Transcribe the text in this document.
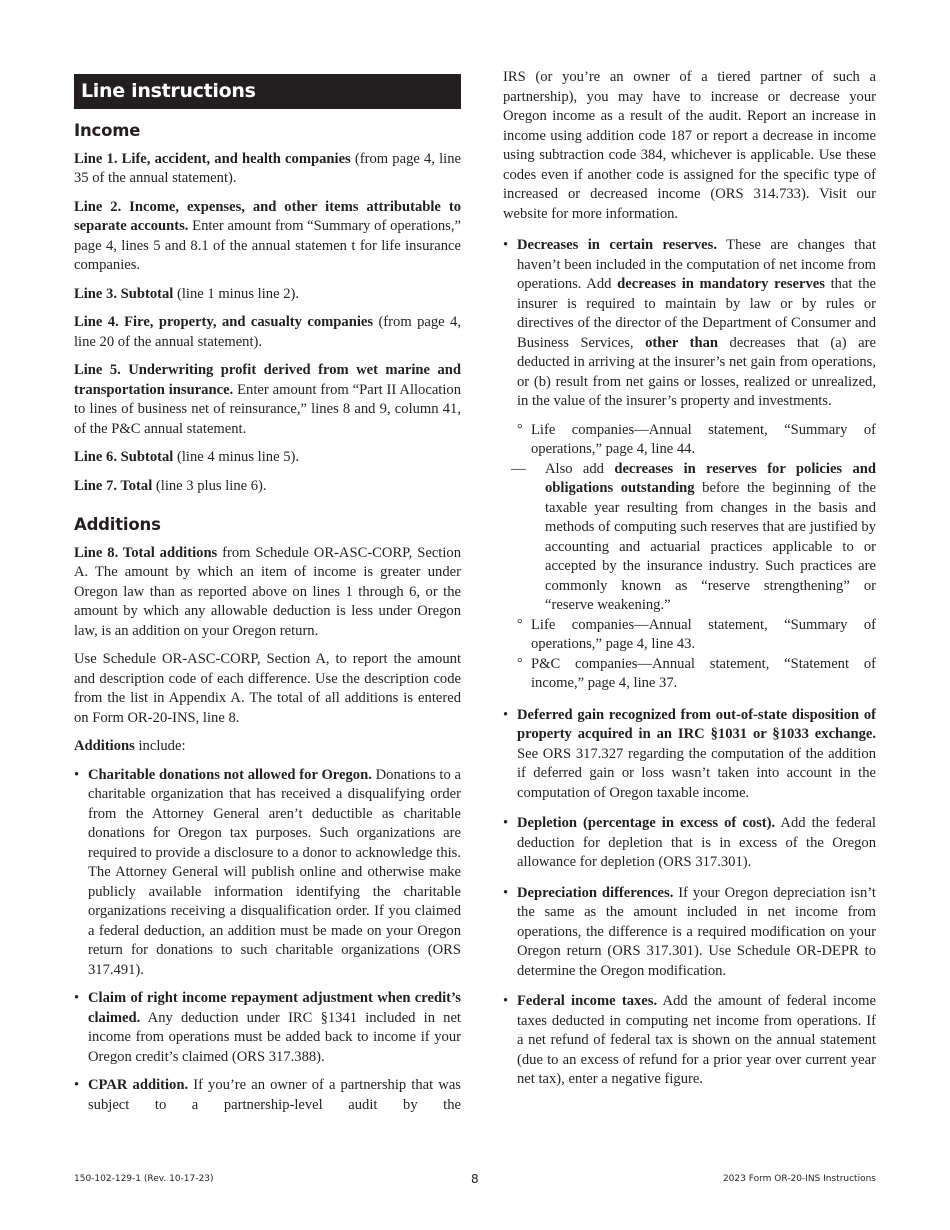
Line instructions
Income

Line 1. Life, accident, and health companies (from page 4, line 35 of the annual statement).

Line 2. Income, expenses, and other items attributable to separate accounts. Enter amount from “Summary of operations,” page 4, lines 5 and 8.1 of the annual statemen t for life insurance companies.

Line 3. Subtotal (line 1 minus line 2).

Line 4. Fire, property, and casualty companies (from page 4, line 20 of the annual statement).

Line 5. Underwriting profit derived from wet marine and transportation insurance. Enter amount from “Part II Allocation to lines of business net of reinsurance,” lines 8 and 9, column 41, of the P&C annual statement.

Line 6. Subtotal (line 4 minus line 5).

Line 7. Total (line 3 plus line 6).

Additions

Line 8. Total additions from Schedule OR-ASC-CORP, Section A. The amount by which an item of income is greater under Oregon law than as reported above on lines 1 through 6, or the amount by which any allowable deduction is less under Oregon law, is an addition on your Oregon return.

Use Schedule OR-ASC-CORP, Section A, to report the amount and description code of each difference. Use the description code from the list in Appendix A. The total of all additions is entered on Form OR-20-INS, line 8.

Additions include:

• Charitable donations not allowed for Oregon. Donations to a charitable organization that has received a disqualifying order from the Attorney General aren’t deductible as charitable donations for Oregon tax purposes. Such organizations are required to provide a disclosure to a donor to acknowledge this. The Attorney General will publish online and otherwise make publicly available information identifying the charitable organizations receiving a disqualification order. If you claimed a federal deduction, an addition must be made on your Oregon return for donations to such charitable organizations (ORS 317.491).
• Claim of right income repayment adjustment when credit’s claimed. Any deduction under IRC §1341 included in net income from operations must be added back to income if your Oregon credit’s claimed (ORS 317.388).
• CPAR addition. If you’re an owner of a partnership that was subject to a partnership-level audit by the

IRS (or you’re an owner of a tiered partner of such a partnership), you may have to increase or decrease your Oregon income as a result of the audit. Report an increase in income using addition code 187 or report a decrease in income using subtraction code 384, whichever is applicable. Use these codes even if another code is assigned for the specific type of increased or decreased income (ORS 314.733). Visit our website for more information.

• Decreases in certain reserves. These are changes that haven’t been included in the computation of net income from operations. Add decreases in mandatory reserves that the insurer is required to maintain by law or by rules or directives of the director of the Department of Consumer and Business Services, other than decreases that (a) are deducted in arriving at the insurer’s net gain from operations, or (b) result from net gains or losses, realized or unrealized, in the value of the insurer’s property and investments.
° Life companies—Annual statement, “Summary of operations,” page 4, line 44.
— Also add decreases in reserves for policies and obligations outstanding before the beginning of the taxable year resulting from changes in the basis and methods of computing such reserves that are justified by accounting and actuarial practices applicable to or accepted by the insurance industry. Such practices are commonly known as “reserve strengthening” or “reserve weakening.”
° Life companies—Annual statement, “Summary of operations,” page 4, line 43.
° P&C companies—Annual statement, “Statement of income,” page 4, line 37.
• Deferred gain recognized from out-of-state disposition of property acquired in an IRC §1031 or §1033 exchange. See ORS 317.327 regarding the computation of the addition if deferred gain or loss wasn’t taken into account in the computation of Oregon taxable income.
• Depletion (percentage in excess of cost). Add the federal deduction for depletion that is in excess of the Oregon allowance for depletion (ORS 317.301).
• Depreciation differences. If your Oregon depreciation isn’t the same as the amount included in net income from operations, the difference is a required modification on your Oregon return (ORS 317.301). Use Schedule OR-DEPR to determine the Oregon modification.
• Federal income taxes. Add the amount of federal income taxes deducted in computing net income from operations. If a net refund of federal tax is shown on the annual statement (due to an excess of refund for a prior year over current year net tax), enter a negative figure.
150-102-129-1 (Rev. 10-17-23)	8	2023 Form OR-20-INS Instructions
